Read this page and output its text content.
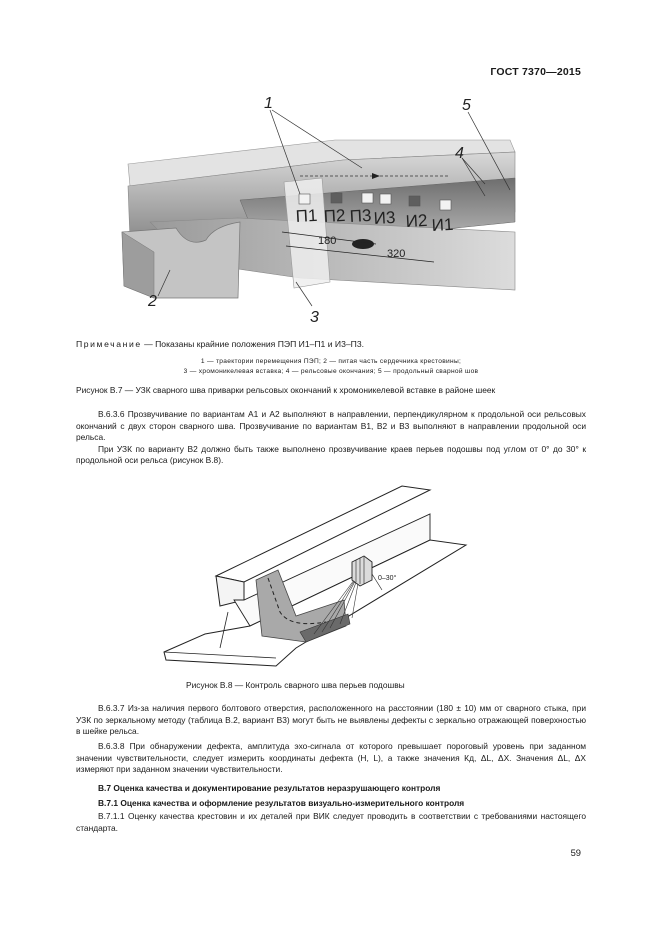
ГОСТ 7370—2015
П1 П2 П3 И3 И2 И1
180
320
1	5
4
2
3
Примечание — Показаны крайние положения ПЭП И1–П1 и И3–П3.
1 — траектории перемещения ПЭП; 2 — питая часть сердечника крестовины;
3 — хромоникелевая вставка; 4 — рельсовые окончания; 5 — продольный сварной шов
Рисунок В.7 — УЗК сварного шва приварки рельсовых окончаний к хромоникелевой вставке в районе шеек

В.6.3.6 Прозвучивание по вариантам А1 и А2 выполняют в направлении, перпендикулярном к продольной оси рельсовых окончаний с двух сторон сварного шва. Прозвучивание по вариантам В1, В2 и В3 выполняют в направлении продольной оси рельса.

При УЗК по варианту В2 должно быть также выполнено прозвучивание краев перьев подошвы под углом от 0° до 30° к продольной оси рельса (рисунок В.8).

0–30°
Рисунок В.8 — Контроль сварного шва перьев подошвы

В.6.3.7 Из-за наличия первого болтового отверстия, расположенного на расстоянии (180 ± 10) мм от сварного стыка, при УЗК по зеркальному методу (таблица В.2, вариант В3) могут быть не выявлены дефекты с зеркально отражающей поверхностью в шейке рельса.

В.6.3.8 При обнаружении дефекта, амплитуда эхо-сигнала от которого превышает пороговый уровень при заданном значении чувствительности, следует измерить координаты дефекта (H, L), а также значения Кд, ΔL, ΔX. Значения ΔL, ΔX измеряют при заданном значении чувствительности.

В.7 Оценка качества и документирование результатов неразрушающего контроля

В.7.1 Оценка качества и оформление результатов визуально-измерительного контроля

В.7.1.1 Оценку качества крестовин и их деталей при ВИК следует проводить в соответствии с требованиями настоящего стандарта.

59
